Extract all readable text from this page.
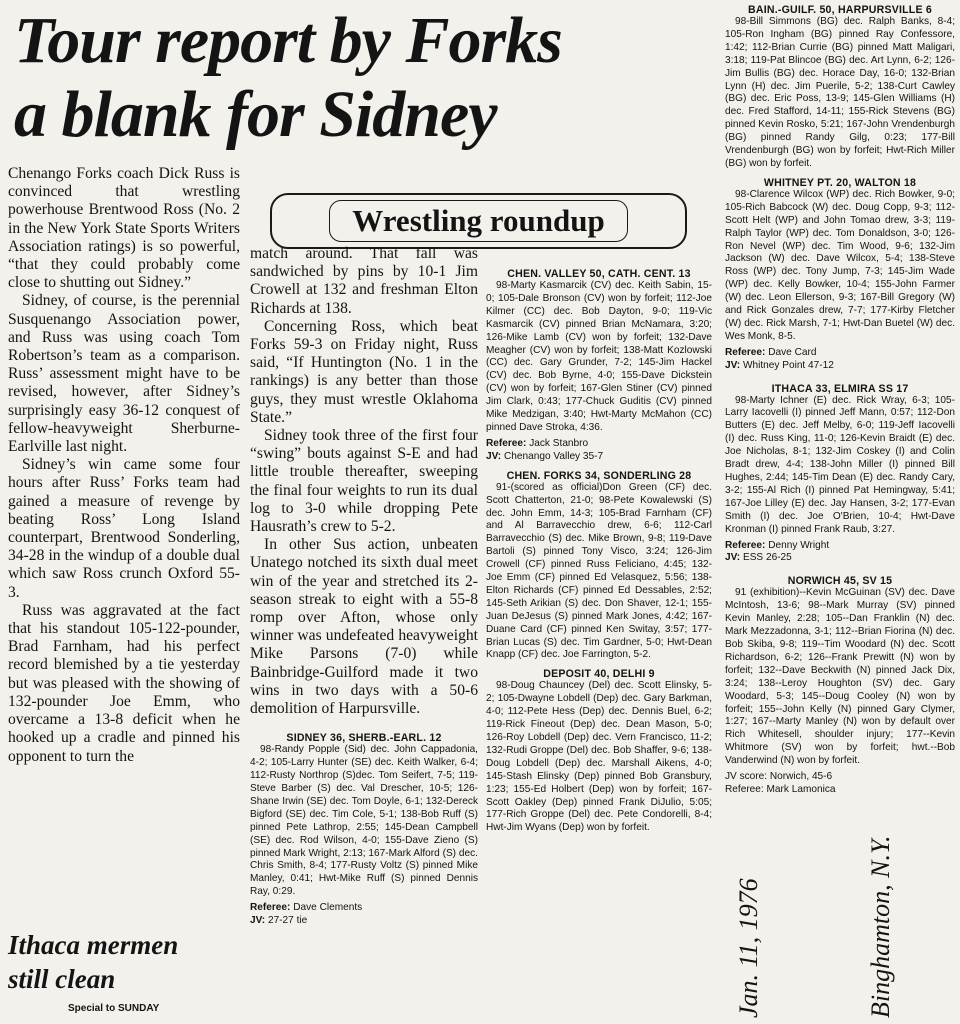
Tour report by Forks
a blank for Sidney
Wrestling roundup

Chenango Forks coach Dick Russ is convinced that wrestling powerhouse Brentwood Ross (No. 2 in the New York State Sports Writers Association ratings) is so powerful, “that they could probably come close to shutting out Sidney.”

Sidney, of course, is the perennial Susquenango Association power, and Russ was using coach Tom Robertson’s team as a comparison. Russ’ assessment might have to be revised, however, after Sidney’s surprisingly easy 36-12 conquest of fellow-heavyweight Sherburne-Earlville last night.

Sidney’s win came some four hours after Russ’ Forks team had gained a measure of revenge by beating Ross’ Long Island counterpart, Brentwood Sonderling, 34-28 in the windup of a double dual which saw Ross crunch Oxford 55-3.

Russ was aggravated at the fact that his standout 105-122-pounder, Brad Farnham, had his perfect record blemished by a tie yesterday but was pleased with the showing of 132-pounder Joe Emm, who overcame a 13-8 deficit when he hooked up a cradle and pinned his opponent to turn the

match around. That fall was sandwiched by pins by 10-1 Jim Crowell at 132 and freshman Elton Richards at 138.

Concerning Ross, which beat Forks 59-3 on Friday night, Russ said, “If Huntington (No. 1 in the rankings) is any better than those guys, they must wrestle Oklahoma State.”

Sidney took three of the first four “swing” bouts against S-E and had little trouble thereafter, sweeping the final four weights to run its dual log to 3-0 while dropping Pete Hausrath’s crew to 5-2.

In other Sus action, unbeaten Unatego notched its sixth dual meet win of the year and stretched its 2-season streak to eight with a 55-8 romp over Afton, whose only winner was undefeated heavyweight Mike Parsons (7-0) while Bainbridge-Guilford made it two wins in two days with a 50-6 demolition of Harpursville.

SIDNEY 36, SHERB.-EARL. 12

98-Randy Popple (Sid) dec. John Cappadonia, 4-2; 105-Larry Hunter (SE) dec. Keith Walker, 6-4; 112-Rusty Northrop (S)dec. Tom Seifert, 7-5; 119-Steve Barber (S) dec. Val Drescher, 10-5; 126-Shane Irwin (SE) dec. Tom Doyle, 6-1; 132-Dereck Bigford (SE) dec. Tim Cole, 5-1; 138-Bob Ruff (S) pinned Pete Lathrop, 2:55; 145-Dean Campbell (SE) dec. Rod Wilson, 4-0; 155-Dave Zieno (S) pinned Mark Wright, 2:13; 167-Mark Alford (S) dec. Chris Smith, 8-4; 177-Rusty Voltz (S) pinned Mike Manley, 0:41; Hwt-Mike Ruff (S) pinned Dennis Ray, 0:29.

Referee: Dave Clements

JV: 27-27 tie

CHEN. VALLEY 50, CATH. CENT. 13

98-Marty Kasmarcik (CV) dec. Keith Sabin, 15-0; 105-Dale Bronson (CV) won by forfeit; 112-Joe Kilmer (CC) dec. Bob Dayton, 9-0; 119-Vic Kasmarcik (CV) pinned Brian McNamara, 3:20; 126-Mike Lamb (CV) won by forfeit; 132-Dave Meagher (CV) won by forfeit; 138-Matt Kozlowski (CC) dec. Gary Grunder, 7-2; 145-Jim Hackel (CV) dec. Bob Byrne, 4-0; 155-Dave Dickstein (CV) won by forfeit; 167-Glen Stiner (CV) pinned Jim Clark, 0:43; 177-Chuck Guditis (CV) pinned Mike Medzigan, 3:40; Hwt-Marty McMahon (CC) pinned Dave Stroka, 4:36.

Referee: Jack Stanbro

JV: Chenango Valley 35-7

CHEN. FORKS 34, SONDERLING 28

91-(scored as official)Don Green (CF) dec. Scott Chatterton, 21-0; 98-Pete Kowalewski (S) dec. John Emm, 14-3; 105-Brad Farnham (CF) and Al Barravecchio drew, 6-6; 112-Carl Barravecchio (S) dec. Mike Brown, 9-8; 119-Dave Bartoli (S) pinned Tony Visco, 3:24; 126-Jim Crowell (CF) pinned Russ Feliciano, 4:45; 132-Joe Emm (CF) pinned Ed Velasquez, 5:56; 138-Elton Richards (CF) pinned Ed Dessables, 2:52; 145-Seth Arikian (S) dec. Don Shaver, 12-1; 155-Juan DeJesus (S) pinned Mark Jones, 4:42; 167-Duane Card (CF) pinned Ken Switay, 3:57; 177-Brian Lucas (S) dec. Tim Gardner, 5-0; Hwt-Dean Knapp (CF) dec. Joe Farrington, 5-2.

DEPOSIT 40, DELHI 9

98-Doug Chauncey (Del) dec. Scott Elinsky, 5-2; 105-Dwayne Lobdell (Dep) dec. Gary Barkman, 4-0; 112-Pete Hess (Dep) dec. Dennis Buel, 6-2; 119-Rick Fineout (Dep) dec. Dean Mason, 5-0; 126-Roy Lobdell (Dep) dec. Vern Francisco, 11-2; 132-Rudi Groppe (Del) dec. Bob Shaffer, 9-6; 138-Doug Lobdell (Dep) dec. Marshall Aikens, 4-0; 145-Stash Elinsky (Dep) pinned Bob Gransbury, 1:23; 155-Ed Holbert (Dep) won by forfeit; 167-Scott Oakley (Dep) pinned Frank DiJulio, 5:05; 177-Rich Groppe (Del) dec. Pete Condorelli, 8-4; Hwt-Jim Wyans (Dep) won by forfeit.

BAIN.-GUILF. 50, HARPURSVILLE 6

98-Bill Simmons (BG) dec. Ralph Banks, 8-4; 105-Ron Ingham (BG) pinned Ray Confessore, 1:42; 112-Brian Currie (BG) pinned Matt Maligari, 3:18; 119-Pat Blincoe (BG) dec. Art Lynn, 6-2; 126-Jim Bullis (BG) dec. Horace Day, 16-0; 132-Brian Lynn (H) dec. Jim Puerile, 5-2; 138-Curt Cawley (BG) dec. Eric Poss, 13-9; 145-Glen Williams (H) dec. Fred Stafford, 14-11; 155-Rick Stevens (BG) pinned Kevin Rosko, 5:21; 167-John Vrendenburgh (BG) pinned Randy Gilg, 0:23; 177-Bill Vrendenburgh (BG) won by forfeit; Hwt-Rich Miller (BG) won by forfeit.

WHITNEY PT. 20, WALTON 18

98-Clarence Wilcox (WP) dec. Rich Bowker, 9-0; 105-Rich Babcock (W) dec. Doug Copp, 9-3; 112-Scott Helt (WP) and John Tomao drew, 3-3; 119-Ralph Taylor (WP) dec. Tom Donaldson, 3-0; 126-Ron Nevel (WP) dec. Tim Wood, 9-6; 132-Jim Jackson (W) dec. Dave Wilcox, 5-4; 138-Steve Ross (WP) dec. Tony Jump, 7-3; 145-Jim Wade (WP) dec. Kelly Bowker, 10-4; 155-John Farmer (W) dec. Leon Ellerson, 9-3; 167-Bill Gregory (W) and Rick Gonzales drew, 7-7; 177-Kirby Fletcher (W) dec. Rick Marsh, 7-1; Hwt-Dan Buetel (W) dec. Wes Monk, 8-5.

Referee: Dave Card

JV: Whitney Point 47-12

ITHACA 33, ELMIRA SS 17

98-Marty Ichner (E) dec. Rick Wray, 6-3; 105-Larry Iacovelli (I) pinned Jeff Mann, 0:57; 112-Don Butters (E) dec. Jeff Melby, 6-0; 119-Jeff Iacovelli (I) dec. Russ King, 11-0; 126-Kevin Braidt (E) dec. Joe Nicholas, 8-1; 132-Jim Coskey (I) and Colin Bradt drew, 4-4; 138-John Miller (I) pinned Bill Hughes, 2:44; 145-Tim Dean (E) dec. Randy Cary, 3-2; 155-Al Rich (I) pinned Pat Hemingway, 5:41; 167-Joe Lilley (E) dec. Jay Hansen, 3-2; 177-Evan Smith (I) dec. Joe O'Brien, 10-4; Hwt-Dave Kronman (I) pinned Frank Raub, 3:27.

Referee: Denny Wright

JV: ESS 26-25

NORWICH 45, SV 15

91 (exhibition)--Kevin McGuinan (SV) dec. Dave McIntosh, 13-6; 98--Mark Murray (SV) pinned Kevin Manley, 2:28; 105--Dan Franklin (N) dec. Mark Mezzadonna, 3-1; 112--Brian Fiorina (N) dec. Bob Skiba, 9-8; 119--Tim Woodard (N) dec. Scott Richardson, 6-2; 126--Frank Prewitt (N) won by forfeit; 132--Dave Beckwith (N) pinned Jack Dix, 3:24; 138--Leroy Houghton (SV) dec. Gary Woodard, 5-3; 145--Doug Cooley (N) won by forfeit; 155--John Kelly (N) pinned Gary Clymer, 1:27; 167--Marty Manley (N) won by default over Rich Whitesell, shoulder injury; 177--Kevin Whitmore (SV) won by forfeit; hwt.--Bob Vanderwind (N) won by forfeit.

JV score: Norwich, 45-6

Referee: Mark Lamonica

Ithaca mermen
still clean
Special to SUNDAY	Jan. 11, 1976	Binghamton, N.Y.
